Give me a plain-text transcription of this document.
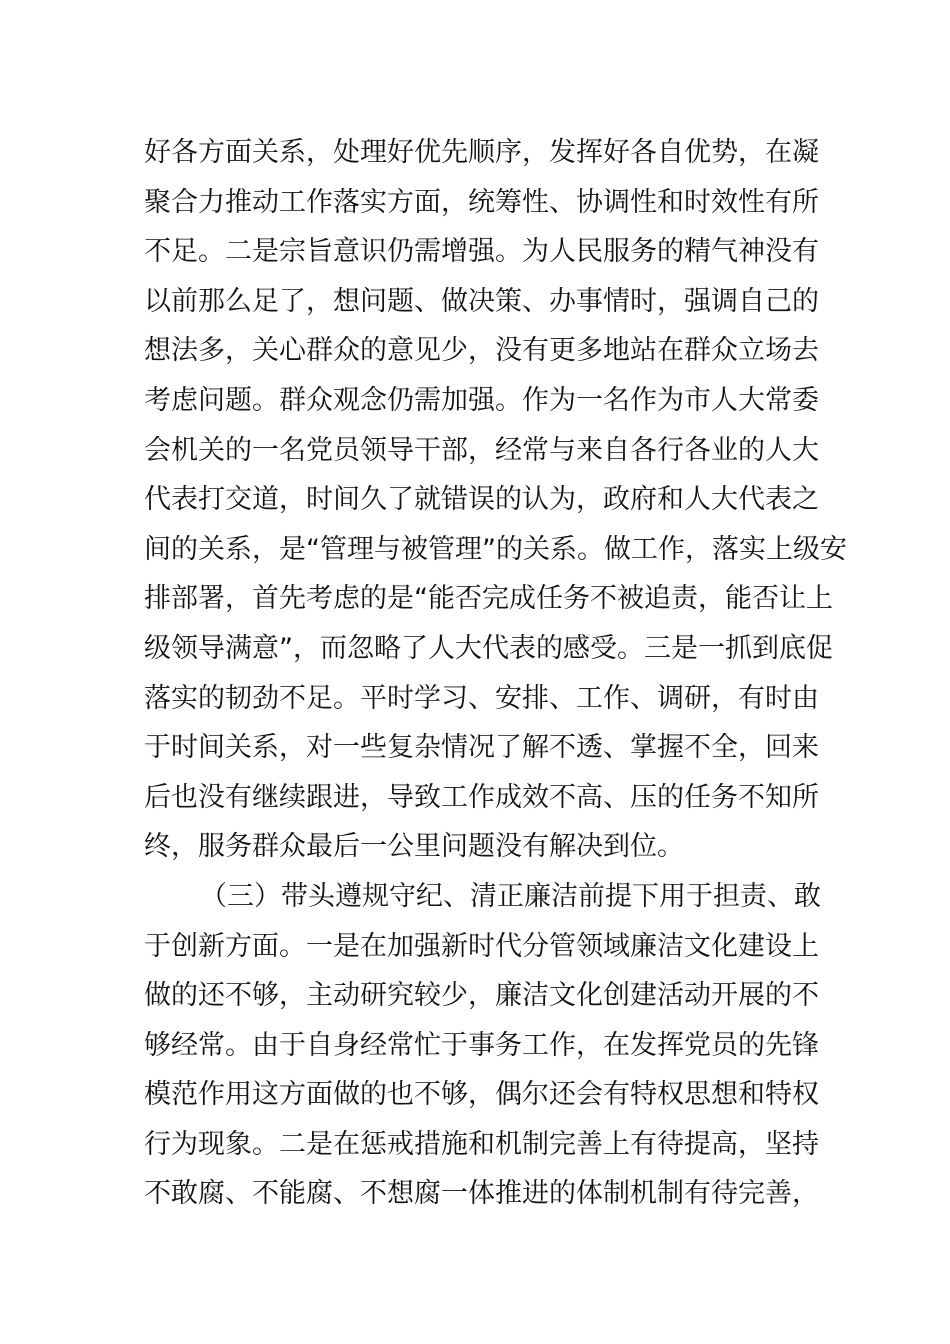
好各方面关系，处理好优先顺序，发挥好各自优势，在凝
聚合力推动工作落实方面，统筹性、协调性和时效性有所
不足。二是宗旨意识仍需增强。为人民服务的精气神没有
以前那么足了，想问题、做决策、办事情时，强调自己的
想法多，关心群众的意见少，没有更多地站在群众立场去
考虑问题。群众观念仍需加强。作为一名作为市人大常委
会机关的一名党员领导干部，经常与来自各行各业的人大
代表打交道，时间久了就错误的认为，政府和人大代表之
间的关系，是“管理与被管理”的关系。做工作，落实上级安
排部署，首先考虑的是“能否完成任务不被追责，能否让上
级领导满意”，而忽略了人大代表的感受。三是一抓到底促
落实的韧劲不足。平时学习、安排、工作、调研，有时由
于时间关系，对一些复杂情况了解不透、掌握不全，回来
后也没有继续跟进，导致工作成效不高、压的任务不知所
终，服务群众最后一公里问题没有解决到位。
（三）带头遵规守纪、清正廉洁前提下用于担责、敢
于创新方面。一是在加强新时代分管领域廉洁文化建设上
做的还不够，主动研究较少，廉洁文化创建活动开展的不
够经常。由于自身经常忙于事务工作，在发挥党员的先锋
模范作用这方面做的也不够，偶尔还会有特权思想和特权
行为现象。二是在惩戒措施和机制完善上有待提高，坚持
不敢腐、不能腐、不想腐一体推进的体制机制有待完善，
